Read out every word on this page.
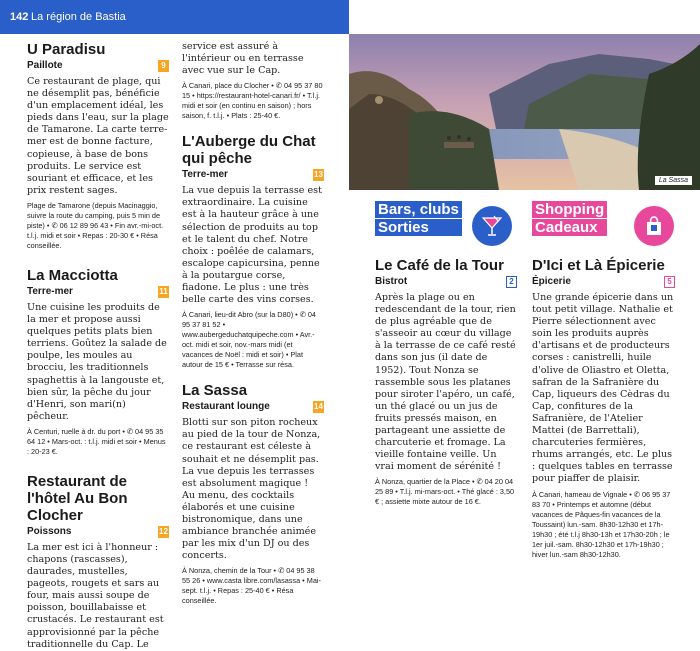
142 La région de Bastia
U Paradisu
Paillote	9
Ce restaurant de plage, qui ne désemplit pas, bénéficie d'un emplacement idéal, les pieds dans l'eau, sur la plage de Tamarone. La carte terre-mer est de bonne facture, copieuse, à base de bons produits. Le service est souriant et efficace, et les prix restent sages.
Plage de Tamarone (depuis Macinaggio, suivre la route du camping, puis 5 min de piste) • ✆ 06 12 89 96 43 • Fin avr.-mi-oct. t.l.j. midi et soir • Repas : 20-30 € • Résa conseillée.
La Macciotta
Terre-mer	11
Une cuisine les produits de la mer et propose aussi quelques petits plats bien terriens. Goûtez la salade de poulpe, les moules au brocciu, les traditionnels spaghettis à la langouste et, bien sûr, la pêche du jour d'Henri, son mari(n) pêcheur.
À Centuri, ruelle à dr. du port • ✆ 04 95 35 64 12 • Mars-oct. : t.l.j. midi et soir • Menus : 20-23 €.
Restaurant de l'hôtel Au Bon Clocher
Poissons	12
La mer est ici à l'honneur : chapons (rascasses), daurades, mustelles, pageots, rougets et sars au four, mais aussi soupe de poisson, bouillabaisse et crustacés. Le restaurant est approvisionné par la pêche traditionnelle du Cap. Le
service est assuré à l'intérieur ou en terrasse avec vue sur le Cap.
À Canari, place du Clocher • ✆ 04 95 37 80 15 • https://restaurant-hotel-canari.fr/ • T.l.j. midi et soir (en continu en saison) ; hors saison, f. t.l.j. • Plats : 25-40 €.
L'Auberge du Chat qui pêche
Terre-mer	13
La vue depuis la terrasse est extraordinaire. La cuisine est à la hauteur grâce à une sélection de produits au top et le talent du chef. Notre choix : poêlée de calamars, escalope capicursina, penne à la poutargue corse, fiadone. Le plus : une très belle carte des vins corses.
À Canari, lieu-dit Abro (sur la D80) • ✆ 04 95 37 81 52 • www.aubergeduchatquipeche.com • Avr.-oct. midi et soir, nov.-mars midi (et vacances de Noël : midi et soir) • Plat autour de 15 € • Terrasse sur résa.
La Sassa
Restaurant lounge	14
Blotti sur son piton rocheux au pied de la tour de Nonza, ce restaurant est céleste à souhait et ne désemplit pas. La vue depuis les terrasses est absolument magique ! Au menu, des cocktails élaborés et une cuisine bistronomique, dans une ambiance branchée animée par les mix d'un DJ ou des concerts.
À Nonza, chemin de la Tour • ✆ 04 95 38 55 26 • www.casta libre.com/lasassa • Mai-sept. t.l.j. • Repas : 25-40 € • Résa conseillée.
La Sassa
Bars, clubs
Sorties
Shopping
Cadeaux
Le Café de la Tour
Bistrot	2
Après la plage ou en redescendant de la tour, rien de plus agréable que de s'asseoir au cœur du village à la terrasse de ce café resté dans son jus (il date de 1952). Tout Nonza se rassemble sous les platanes pour siroter l'apéro, un café, un thé glacé ou un jus de fruits pressés maison, en partageant une assiette de charcuterie et fromage. La vieille fontaine veille. Un vrai moment de sérénité !
À Nonza, quartier de la Place • ✆ 04 20 04 25 89 • T.l.j. mi-mars-oct. • Thé glacé : 3,50 € ; assiette mixte autour de 16 €.
D'Ici et Là Épicerie
Épicerie	5
Une grande épicerie dans un tout petit village. Nathalie et Pierre sélectionnent avec soin les produits auprès d'artisans et de producteurs corses : canistrelli, huile d'olive de Oliastro et Oletta, safran de la Safranière du Cap, liqueurs des Cèdras du Cap, confitures de la Safranière, de l'Atelier Mattei (de Barrettali), charcuteries fermières, rhums arrangés, etc. Le plus : quelques tables en terrasse pour piaffer de plaisir.
À Canari, hameau de Vignale • ✆ 06 95 37 83 70 • Printemps et automne (début vacances de Pâques-fin vacances de la Toussaint) lun.-sam. 8h30-12h30 et 17h-19h30 ; été t.l.j 8h30-13h et 17h30-20h ; le 1er juil.-sam. 8h30-12h30 et 17h-19h30 ; hiver lun.-sam 8h30-12h30.
